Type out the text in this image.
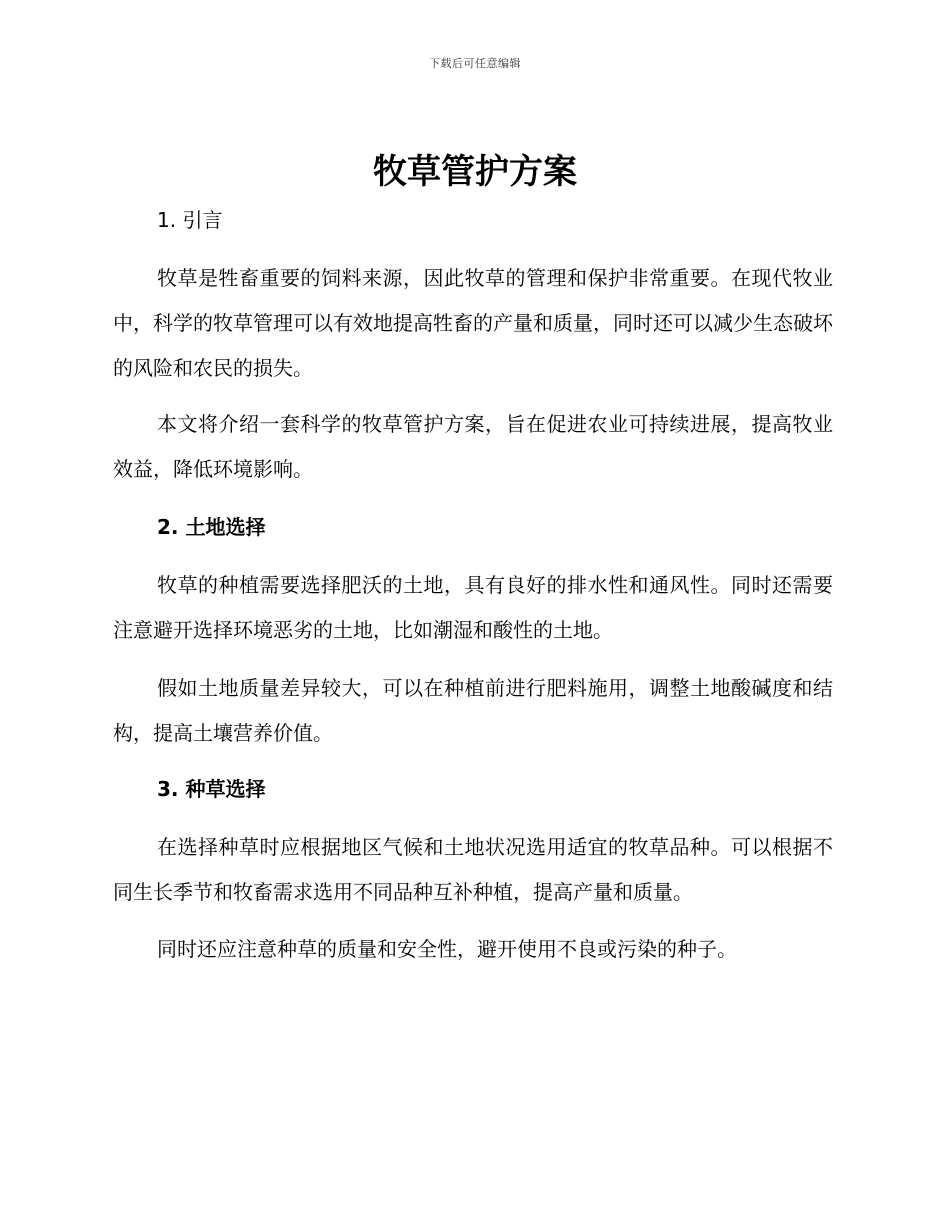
下载后可任意编辑
牧草管护方案
1. 引言

牧草是牲畜重要的饲料来源，因此牧草的管理和保护非常重要。在现代牧业中，科学的牧草管理可以有效地提高牲畜的产量和质量，同时还可以减少生态破坏的风险和农民的损失。

本文将介绍一套科学的牧草管护方案，旨在促进农业可持续进展，提高牧业效益，降低环境影响。

2. 土地选择

牧草的种植需要选择肥沃的土地，具有良好的排水性和通风性。同时还需要注意避开选择环境恶劣的土地，比如潮湿和酸性的土地。

假如土地质量差异较大，可以在种植前进行肥料施用，调整土地酸碱度和结构，提高土壤营养价值。

3. 种草选择

在选择种草时应根据地区气候和土地状况选用适宜的牧草品种。可以根据不同生长季节和牧畜需求选用不同品种互补种植，提高产量和质量。

同时还应注意种草的质量和安全性，避开使用不良或污染的种子。
